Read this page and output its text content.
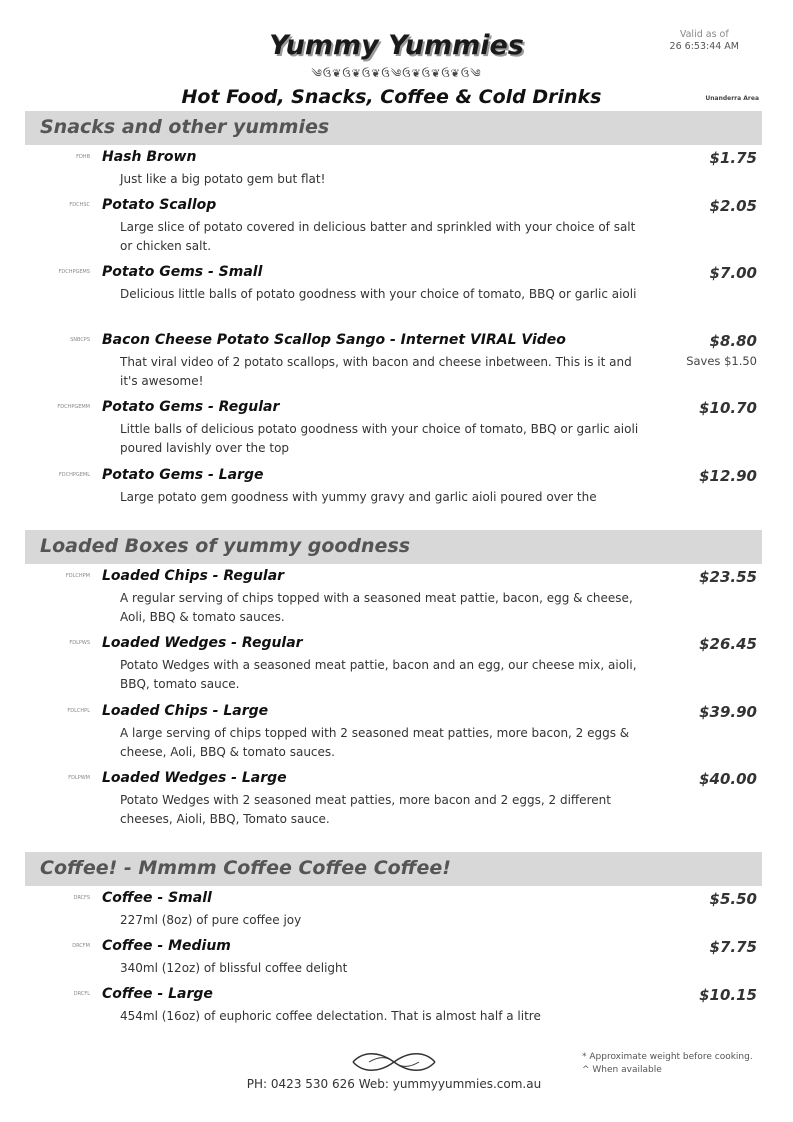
Yummy Yummies
༄ઉ❦ઉ❦ઉ❦ઉ༄ઉ❦ઉ❦ઉ❦ઉ༄
Valid as of
26 6:53:44 AM
Hot Food, Snacks, Coffee & Cold Drinks	Unanderra Area
Snacks and other yummies
FDHB Hash Brown	$1.75
Just like a big potato gem but flat!
FDCHSC Potato Scallop	$2.05
Large slice of potato covered in delicious batter and sprinkled with your choice of salt or chicken salt.
FDCHPGEMS Potato Gems - Small	$7.00
Delicious little balls of potato goodness with your choice of tomato, BBQ or garlic aioli
SNBCPS Bacon Cheese Potato Scallop Sango - Internet VIRAL Video	$8.80
Saves $1.50
That viral video of 2 potato scallops, with bacon and cheese inbetween. This is it and it's awesome!
FDCHPGEMM Potato Gems - Regular	$10.70
Little balls of delicious potato goodness with your choice of tomato, BBQ or garlic aioli poured lavishly over the top
FDCHPGEML Potato Gems - Large	$12.90
Large potato gem goodness with yummy gravy and garlic aioli poured over the
Loaded Boxes of yummy goodness
FDLCHPM Loaded Chips - Regular	$23.55
A regular serving of chips topped with a seasoned meat pattie, bacon, egg & cheese, Aoli, BBQ & tomato sauces.
FDLPWS Loaded Wedges - Regular	$26.45
Potato Wedges with a seasoned meat pattie, bacon and an egg, our cheese mix, aioli, BBQ, tomato sauce.
FDLCHPL Loaded Chips - Large	$39.90
A large serving of chips topped with 2 seasoned meat patties, more bacon, 2 eggs & cheese, Aoli, BBQ & tomato sauces.
FDLPWM Loaded Wedges - Large	$40.00
Potato Wedges with 2 seasoned meat patties, more bacon and 2 eggs, 2 different cheeses, Aioli, BBQ, Tomato sauce.
Coffee! - Mmmm Coffee Coffee Coffee!
DRCFS Coffee - Small	$5.50
227ml (8oz) of pure coffee joy
DRCFM Coffee - Medium	$7.75
340ml (12oz) of blissful coffee delight
DRCFL Coffee - Large	$10.15
454ml (16oz) of euphoric coffee delectation. That is almost half a litre
* Approximate weight before cooking.
^ When available
PH: 0423 530 626 Web: yummyyummies.com.au
